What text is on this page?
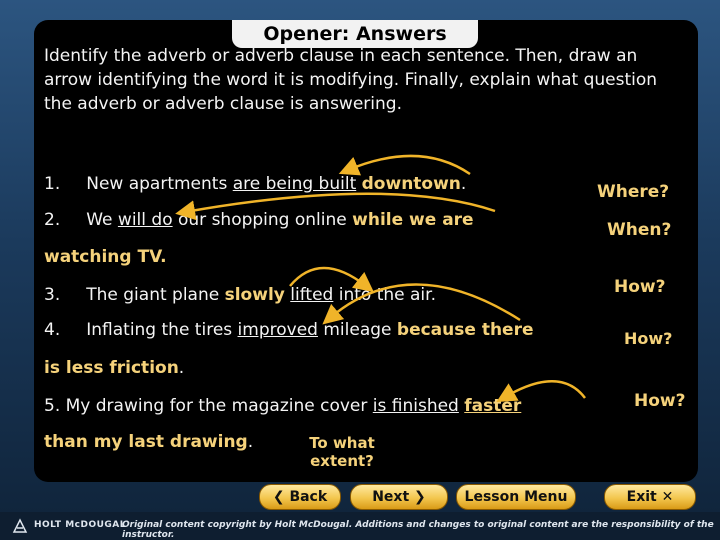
Opener: Answers
Identify the adverb or adverb clause in each sentence. Then, draw an arrow identifying the word it is modifying. Finally, explain what question the adverb or adverb clause is answering.
1. New apartments are being built downtown.	Where?
2. We will do our shopping online while we are	When?
watching TV.
3. The giant plane slowly lifted into the air.	How?
4. Inflating the tires improved mileage because there	How?
is less friction.
5. My drawing for the magazine cover is finished faster	How?
than my last drawing.	To what extent?
❮ Back	Next ❯	Lesson Menu	Exit ✕
HOLT McDOUGAL
Original content copyright by Holt McDougal. Additions and changes to original content are the responsibility of the instructor.
